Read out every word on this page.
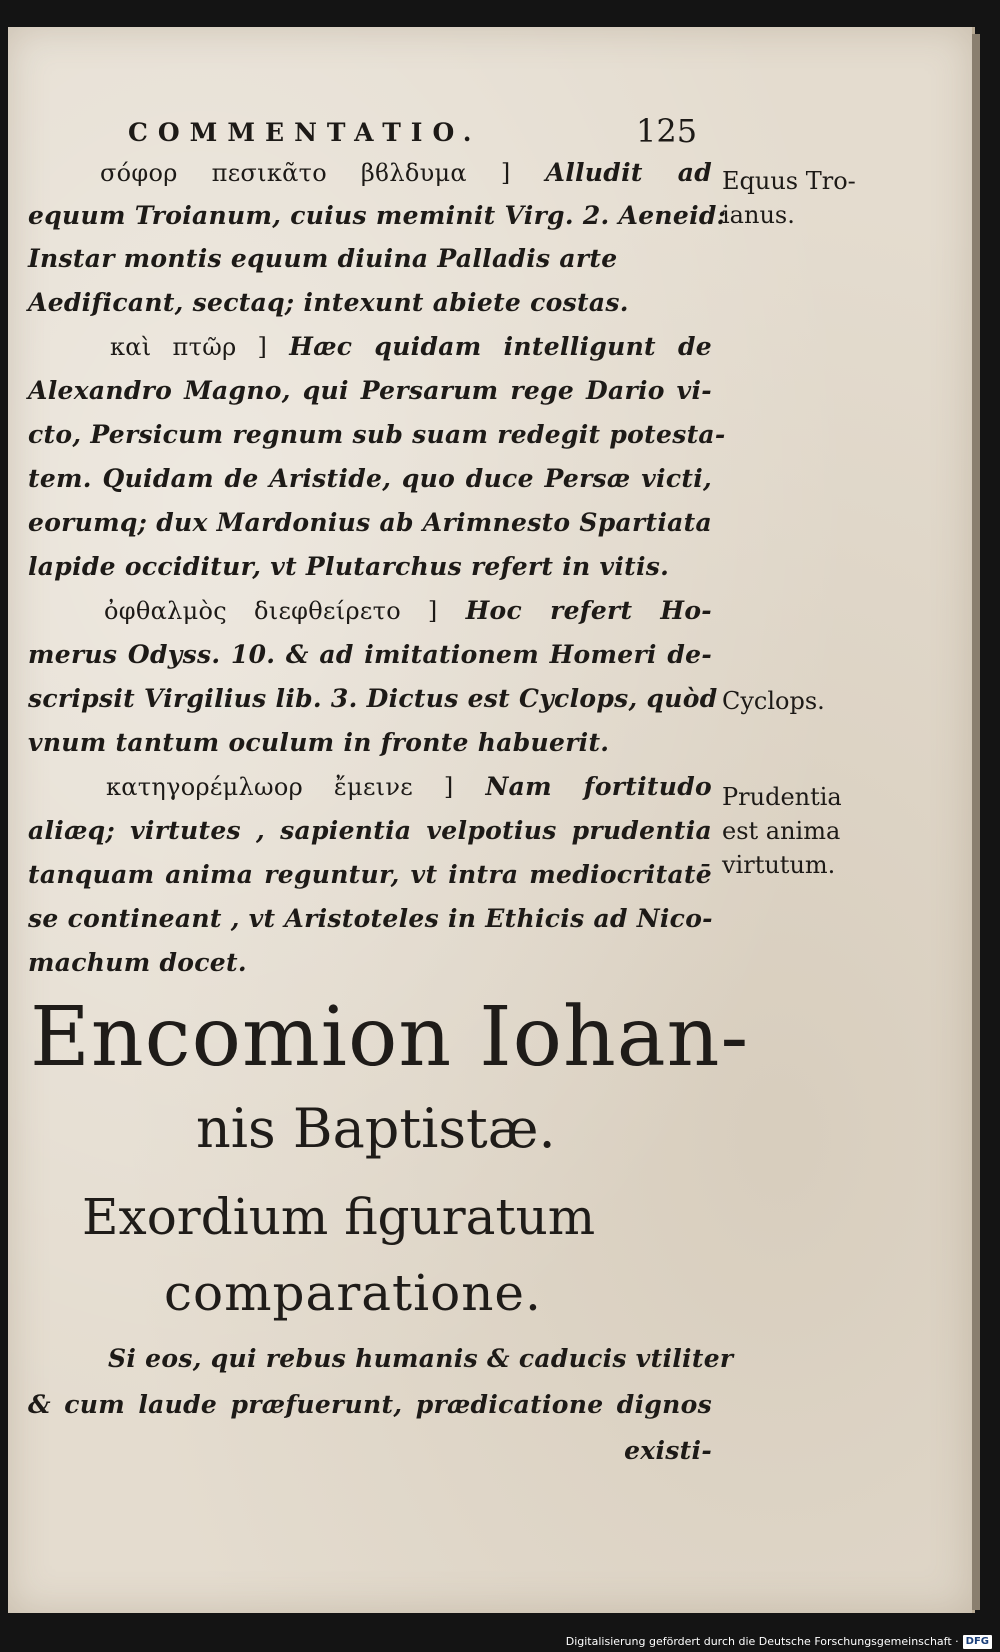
COMMENTATIO.	125
σόφορ πεσικᾶτο βϐλδυμα ] Alludit ad
equum Troianum, cuius meminit Virg. 2. Aeneid:
Instar montis equum diuina Palladis arte
Aedificant, sectaq; intexunt abiete costas.
καὶ πτῶρ ] Hæc quidam intelligunt de
Alexandro Magno, qui Persarum rege Dario vi-
cto, Persicum regnum sub suam redegit potesta-
tem. Quidam de Aristide, quo duce Persæ victi,
eorumq; dux Mardonius ab Arimnesto Spartiata
lapide occiditur, vt Plutarchus refert in vitis.
ὀφθαλμὸς διεφθείρετο ] Hoc refert Ho-
merus Odyss. 10. & ad imitationem Homeri de-
scripsit Virgilius lib. 3. Dictus est Cyclops, quòd
vnum tantum oculum in fronte habuerit.
κατηγορέμλωορ ἔμεινε ] Nam fortitudo
aliæq; virtutes , sapientia velpotius prudentia
tanquam anima reguntur, vt intra mediocritatē
se contineant , vt Aristoteles in Ethicis ad Nico-
machum docet.
Encomion Iohan-
nis Baptistæ.
Exordium figuratum
comparatione.
Si eos, qui rebus humanis & caducis vtiliter
& cum laude præfuerunt, prædicatione dignos
existi-
Equus Tro-
ianus.
Cyclops.
Prudentia
est anima
virtutum.
Digitalisierung gefördert durch die Deutsche Forschungsgemeinschaft · DFG
